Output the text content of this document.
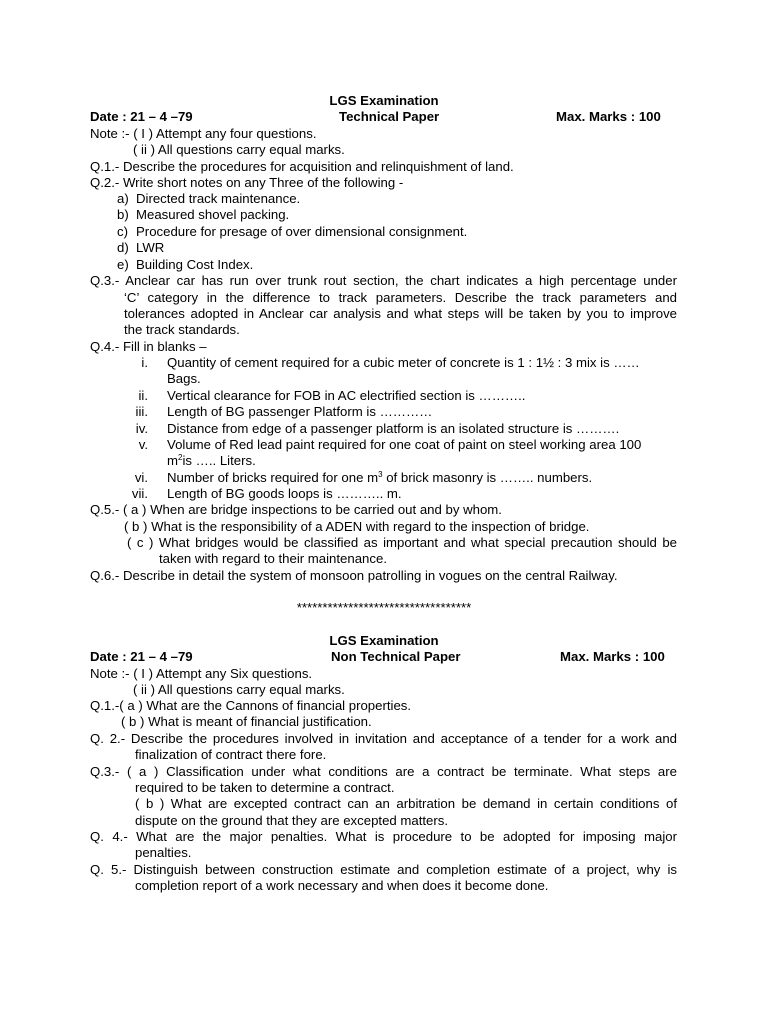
LGS Examination
Date : 21 – 4 –79	Technical Paper	Max. Marks : 100
Note :- ( I ) Attempt any four questions.
( ii ) All questions carry equal marks.
Q.1.- Describe the procedures for acquisition and relinquishment of land.
Q.2.- Write short notes on any Three of the following -
a) Directed track maintenance.
b) Measured shovel packing.
c) Procedure for presage of over dimensional consignment.
d) LWR
e) Building Cost Index.
Q.3.- Anclear car has run over trunk rout section, the chart indicates a high percentage under
‘C’ category in the difference to track parameters. Describe the track parameters and
tolerances adopted in Anclear car analysis and what steps will be taken by you to improve
the track standards.
Q.4.- Fill in blanks –
i. Quantity of cement required for a cubic meter of concrete is 1 : 1½ : 3 mix is ……
Bags.
ii. Vertical clearance for FOB in AC electrified section is ………..
iii. Length of BG passenger Platform is …………
iv. Distance from edge of a passenger platform is an isolated structure is ……….
v. Volume of Red lead paint required for one coat of paint on steel working area 100
$m^2is$ ….. Liters.
vi. Number of bricks required for one $m^3$ of brick masonry is …….. numbers.
vii. Length of BG goods loops is ……….. m.
Q.5.- ( a ) When are bridge inspections to be carried out and by whom.
( b ) What is the responsibility of a ADEN with regard to the inspection of bridge.
( c ) What bridges would be classified as important and what special precaution should be
taken with regard to their maintenance.
Q.6.- Describe in detail the system of monsoon patrolling in vogues on the central Railway.
**********************************
LGS Examination
Date : 21 – 4 –79	Non Technical Paper	Max. Marks : 100
Note :- ( I ) Attempt any Six questions.
( ii ) All questions carry equal marks.
Q.1.-( a ) What are the Cannons of financial properties.
( b ) What is meant of financial justification.
Q. 2.- Describe the procedures involved in invitation and acceptance of a tender for a work and
finalization of contract there fore.
Q.3.- ( a ) Classification under what conditions are a contract be terminate. What steps are
required to be taken to determine a contract.
( b ) What are excepted contract can an arbitration be demand in certain conditions of
dispute on the ground that they are excepted matters.
Q. 4.- What are the major penalties. What is procedure to be adopted for imposing major
penalties.
Q. 5.- Distinguish between construction estimate and completion estimate of a project, why is
completion report of a work necessary and when does it become done.
